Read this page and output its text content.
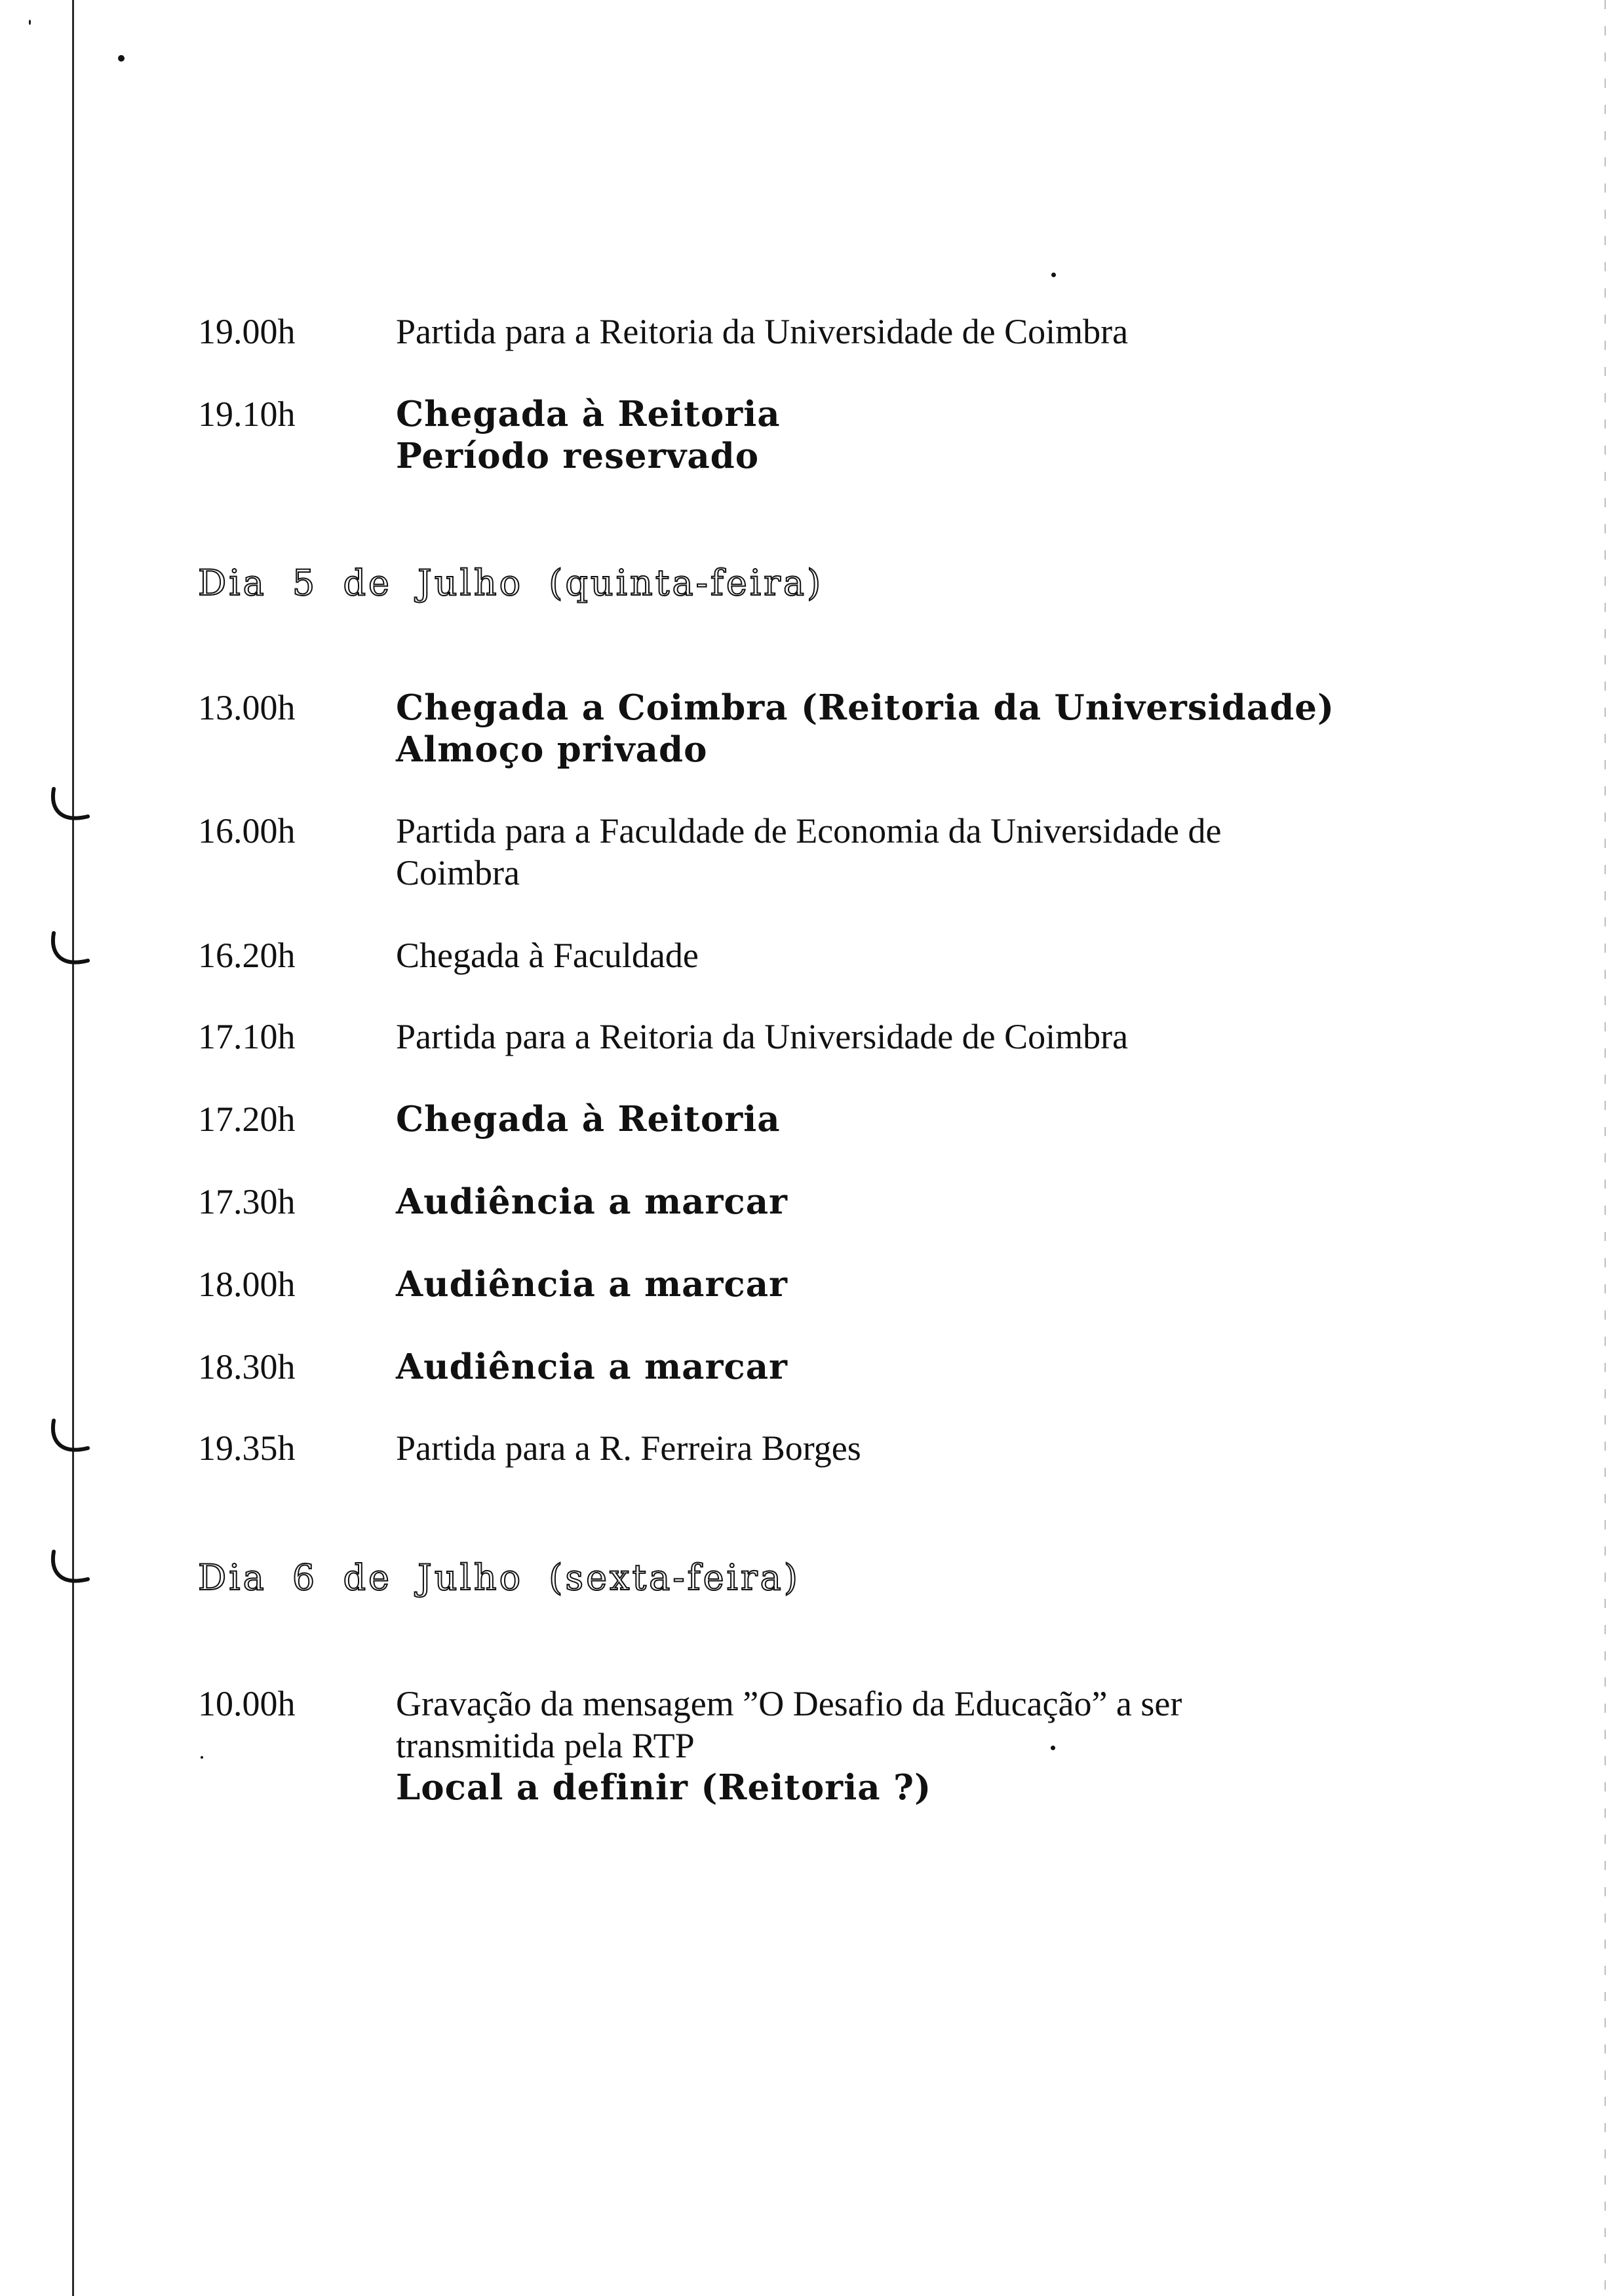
19.00h	Partida para a Reitoria da Universidade de Coimbra
19.10h	Chegada à Reitoria
Período reservado
Dia 5 de Julho (quinta-feira)
13.00h	Chegada a Coimbra (Reitoria da Universidade)
Almoço privado
16.00h	Partida para a Faculdade de Economia da Universidade de
Coimbra
16.20h	Chegada à Faculdade
17.10h	Partida para a Reitoria da Universidade de Coimbra
17.20h	Chegada à Reitoria
17.30h	Audiência a marcar
18.00h	Audiência a marcar
18.30h	Audiência a marcar
19.35h	Partida para a R. Ferreira Borges
Dia 6 de Julho (sexta-feira)
10.00h	Gravação da mensagem ”O Desafio da Educação” a ser
transmitida pela RTP
Local a definir (Reitoria ?)
